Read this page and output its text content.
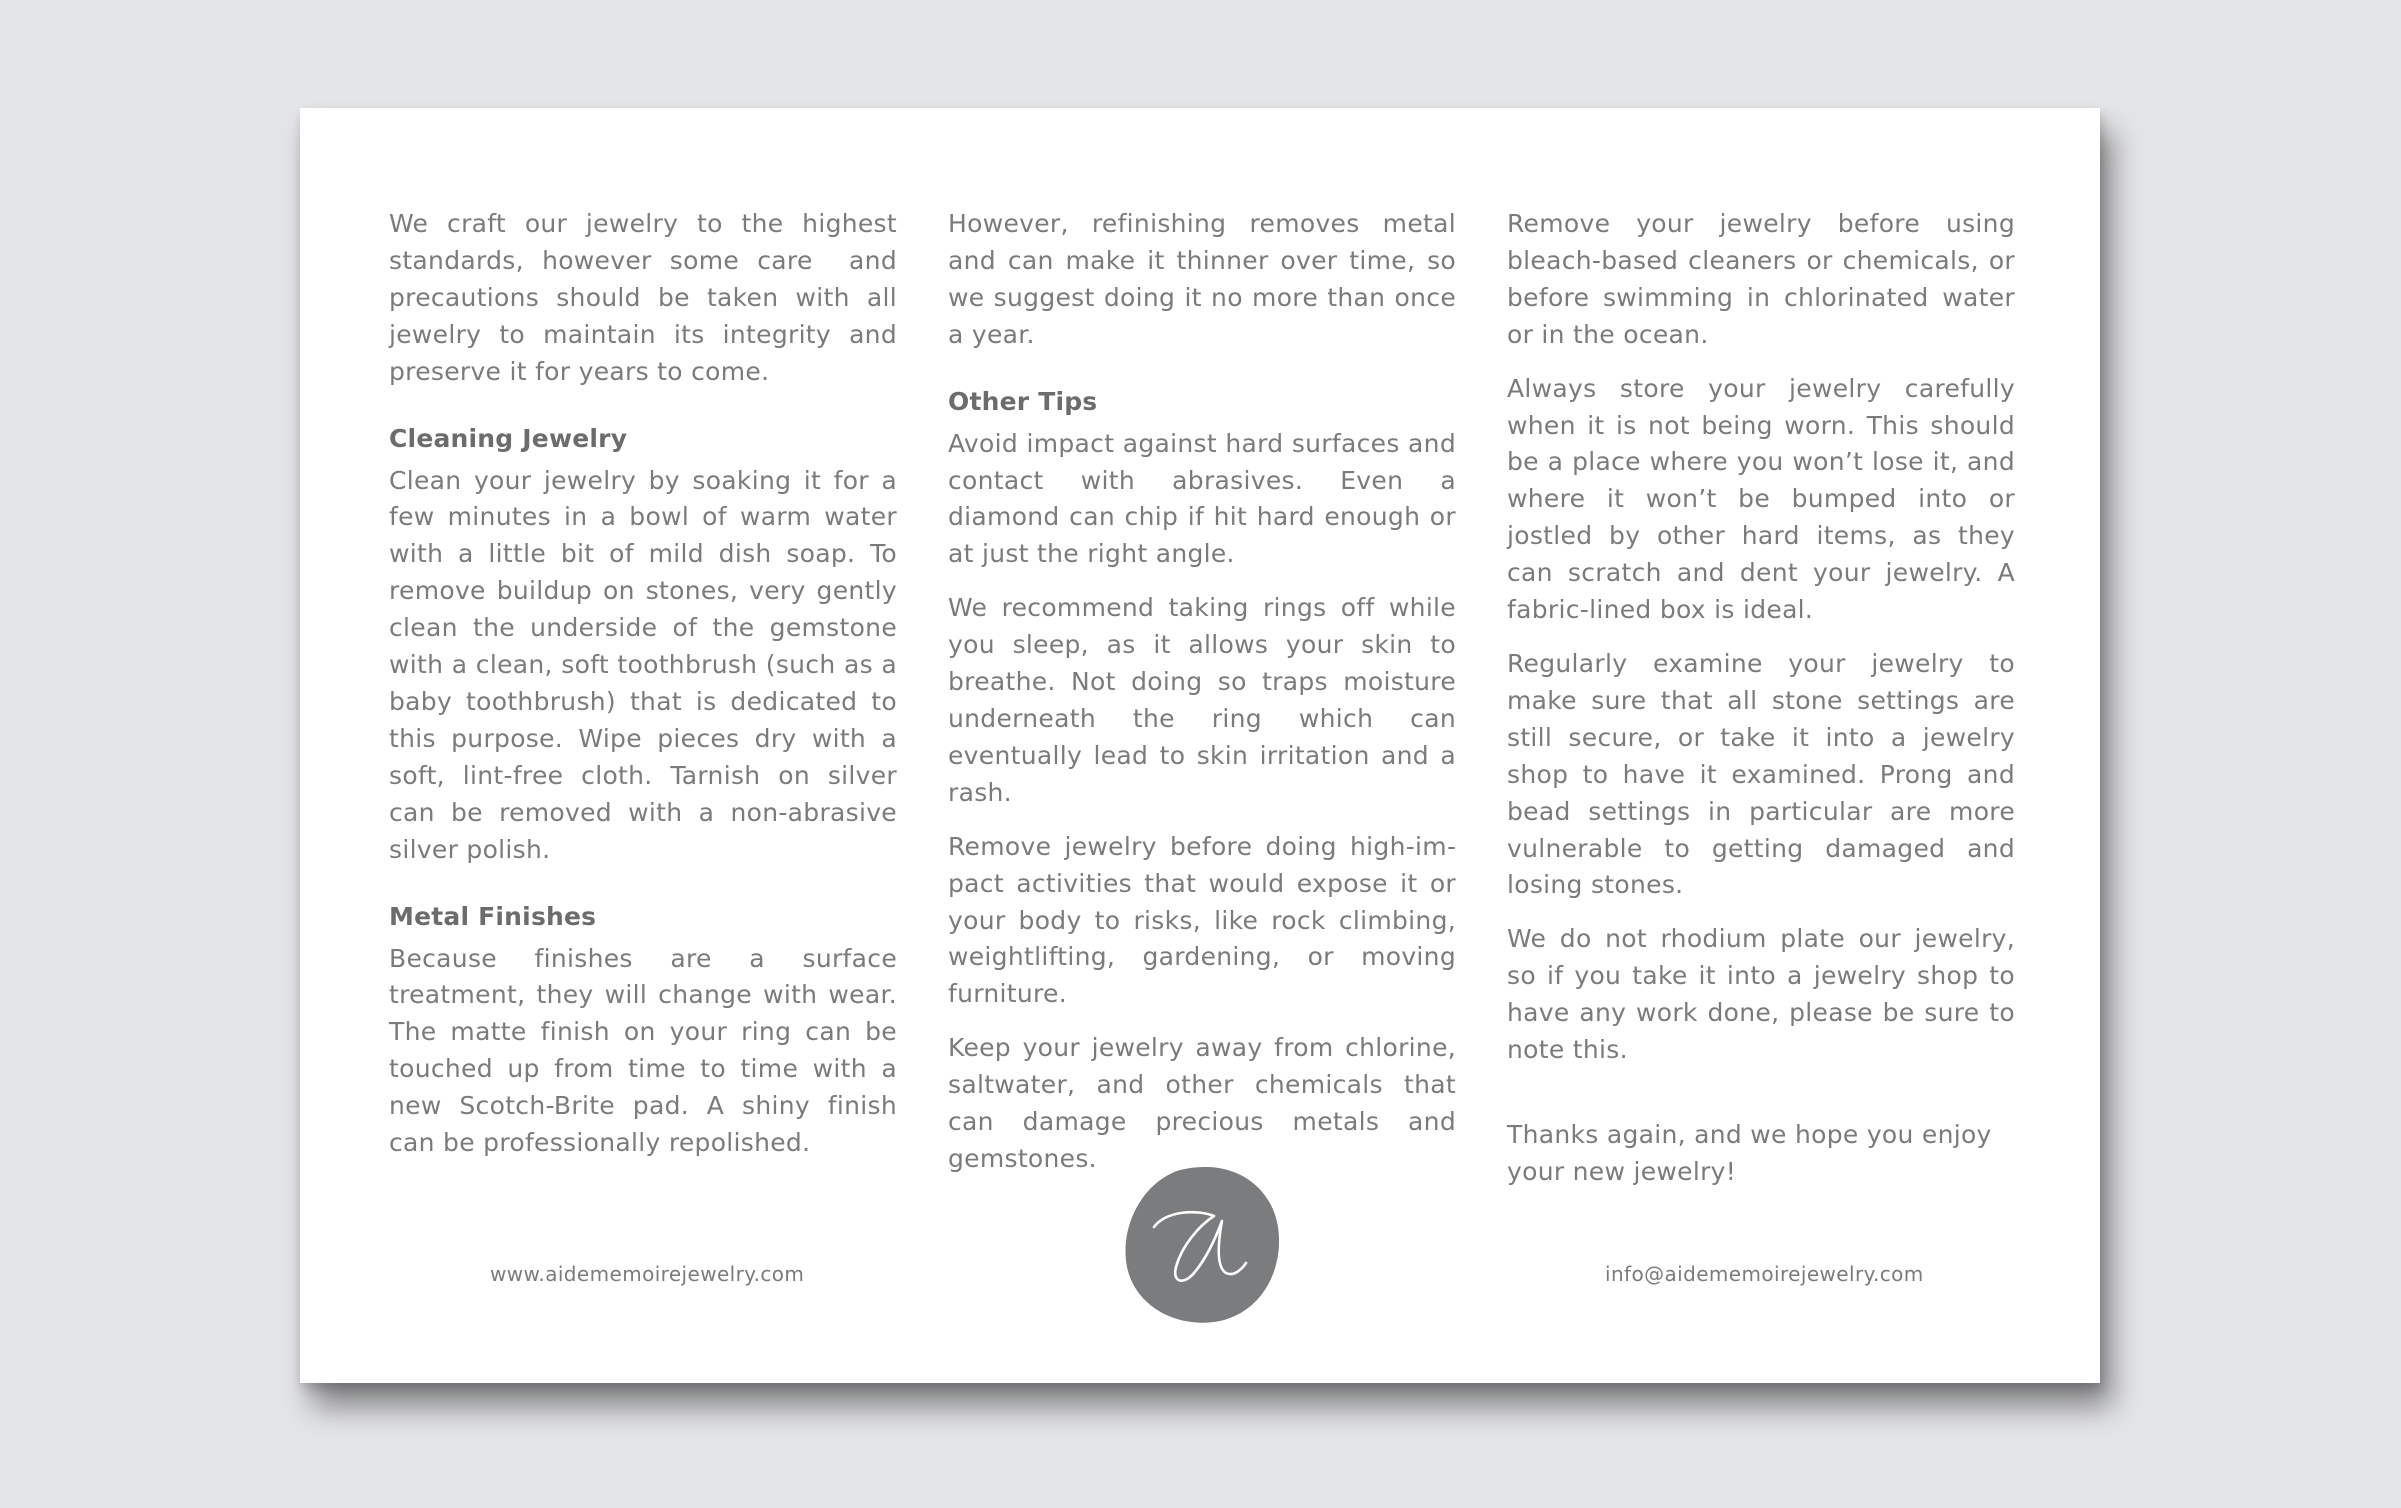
We craft our jewelry to the highest standards, however some care  and precautions should be taken with all jewelry to maintain its integrity and preserve it for years to come.

Cleaning Jewelry

Clean your jewelry by soaking it for a few minutes in a bowl of warm water with a little bit of mild dish soap. To remove buildup on stones, very gently clean the underside of the gemstone with a clean, soft toothbrush (such as a baby toothbrush) that is dedicated to this purpose. Wipe pieces dry with a soft, lint-free cloth. Tarnish on silver can be removed with a non-abrasive silver polish.

Metal Finishes

Because finishes are a surface treatment, they will change with wear. The matte finish on your ring can be touched up from time to time with a new Scotch-Brite pad. A shiny finish can be professionally repolished.

However, refinishing removes metal and can make it thinner over time, so we suggest doing it no more than once a year.

Other Tips

Avoid impact against hard surfaces and contact with abrasives. Even a diamond can chip if hit hard enough or at just the right angle.

We recommend taking rings off while you sleep, as it allows your skin to breathe. Not doing so traps moisture underneath the ring which can eventually lead to skin irritation and a rash.

Remove jewelry before doing high-impact activities that would expose it or your body to risks, like rock climbing, weightlifting, gardening, or moving furniture.

Keep your jewelry away from chlorine, saltwater, and other chemicals that can damage precious metals and gemstones.

Remove your jewelry before using bleach-based cleaners or chemicals, or before swimming in chlorinated water or in the ocean.

Always store your jewelry carefully when it is not being worn. This should be a place where you won’t lose it, and where it won’t be bumped into or jostled by other hard items, as they can scratch and dent your jewelry. A fabric-lined box is ideal.

Regularly examine your jewelry to make sure that all stone settings are still secure, or take it into a jewelry shop to have it examined. Prong and bead settings in particular are more vulnerable to getting damaged and losing stones.

We do not rhodium plate our jewelry, so if you take it into a jewelry shop to have any work done, please be sure to note this.

Thanks again, and we hope you enjoy your new jewelry!

www.aidememoirejewelry.com	info@aidememoirejewelry.com
